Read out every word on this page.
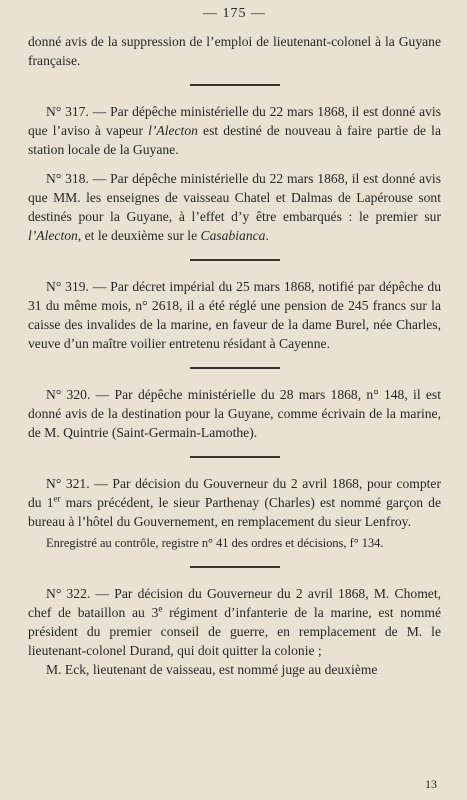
— 175 —

donné avis de la suppression de l’emploi de lieutenant-colonel à la Guyane française.

N° 317. — Par dépêche ministérielle du 22 mars 1868, il est donné avis que l’aviso à vapeur l’Alecton est destiné de nouveau à faire partie de la station locale de la Guyane.

N° 318. — Par dépêche ministérielle du 22 mars 1868, il est donné avis que MM. les enseignes de vaisseau Chatel et Dalmas de Lapérouse sont destinés pour la Guyane, à l’effet d’y être embarqués : le premier sur l’Alecton, et le deuxième sur le Casabianca.

N° 319. — Par décret impérial du 25 mars 1868, notifié par dépêche du 31 du même mois, n° 2618, il a été réglé une pension de 245 francs sur la caisse des invalides de la marine, en faveur de la dame Burel, née Charles, veuve d’un maître voilier entretenu résidant à Cayenne.

N° 320. — Par dépêche ministérielle du 28 mars 1868, n° 148, il est donné avis de la destination pour la Guyane, comme écrivain de la marine, de M. Quintrie (Saint-Germain-Lamothe).

N° 321. — Par décision du Gouverneur du 2 avril 1868, pour compter du 1er mars précédent, le sieur Parthenay (Charles) est nommé garçon de bureau à l’hôtel du Gouvernement, en remplacement du sieur Lenfroy.

Enregistré au contrôle, registre n° 41 des ordres et décisions, f° 134.

N° 322. — Par décision du Gouverneur du 2 avril 1868, M. Chomet, chef de bataillon au 3e régiment d’infanterie de la marine, est nommé président du premier conseil de guerre, en remplacement de M. le lieutenant-colonel Durand, qui doit quitter la colonie ;

M. Eck, lieutenant de vaisseau, est nommé juge au deuxième

13
